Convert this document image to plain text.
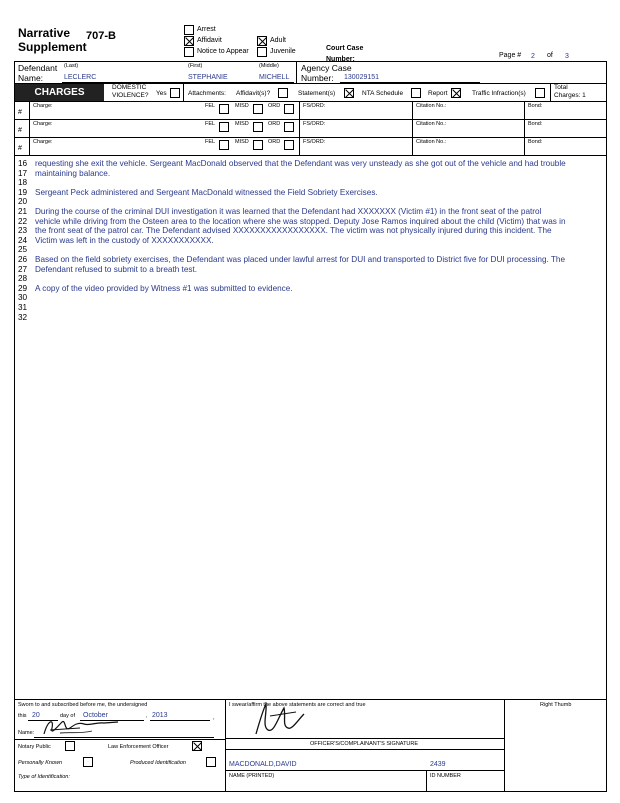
Narrative
Supplement
707-B
Arrest
Affidavit
Notice to Appear
Adult
Juvenile	Court Case
Number:
Page # 2 of 3
Defendant
Name:
(Last)	(First)	(Middle)
LECLERC	STEPHANIE	MICHELL
Agency Case
Number:	130029151
CHARGES	DOMESTIC
VIOLENCE? Yes	Attachments: Affidavit(s)?	Statement(s)	NTA Schedule	Report	Traffic Infraction(s)
Total
Charges: 1
#
Charge:	FEL	MISD	ORD	FS/ORD:	Citation No.:	Bond:
#
Charge:	FEL	MISD	ORD	FS/ORD:	Citation No.:	Bond:
#
Charge:	FEL	MISD	ORD	FS/ORD:	Citation No.:	Bond:
16 requesting she exit the vehicle. Sergeant MacDonald observed that the Defendant was very unsteady as she got out of the vehicle and had trouble
17 maintaining balance.
18
19 Sergeant Peck administered and Sergeant MacDonald witnessed the Field Sobriety Exercises.
20
21 During the course of the criminal DUI investigation it was learned that the Defendant had XXXXXXX (Victim #1) in the front seat of the patrol
22 vehicle while driving from the Osteen area to the location where she was stopped. Deputy Jose Ramos inquired about the child (Victim) that was in
23 the front seat of the patrol car. The Defendant advised XXXXXXXXXXXXXXXXX. The victim was not physically injured during this incident. The
24 Victim was left in the custody of XXXXXXXXXXX.
25
26 Based on the field sobriety exercises, the Defendant was placed under lawful arrest for DUI and transported to District five for DUI processing. The
27 Defendant refused to submit to a breath test.
28
29 A copy of the video provided by Witness #1 was submitted to evidence.
30
31
32
Sworn to and subscribed before me, the undersigned
this 20	day of October	, 2013	,
Name:
Notary Public	Law Enforcement Officer
Personally Known	Produced Identification
Type of Identification:
I swear/affirm the above statements are correct and true
OFFICER'S/COMPLAINANT'S SIGNATURE
MACDONALD,DAVID	2439
NAME (PRINTED)	ID NUMBER
Right Thumb
